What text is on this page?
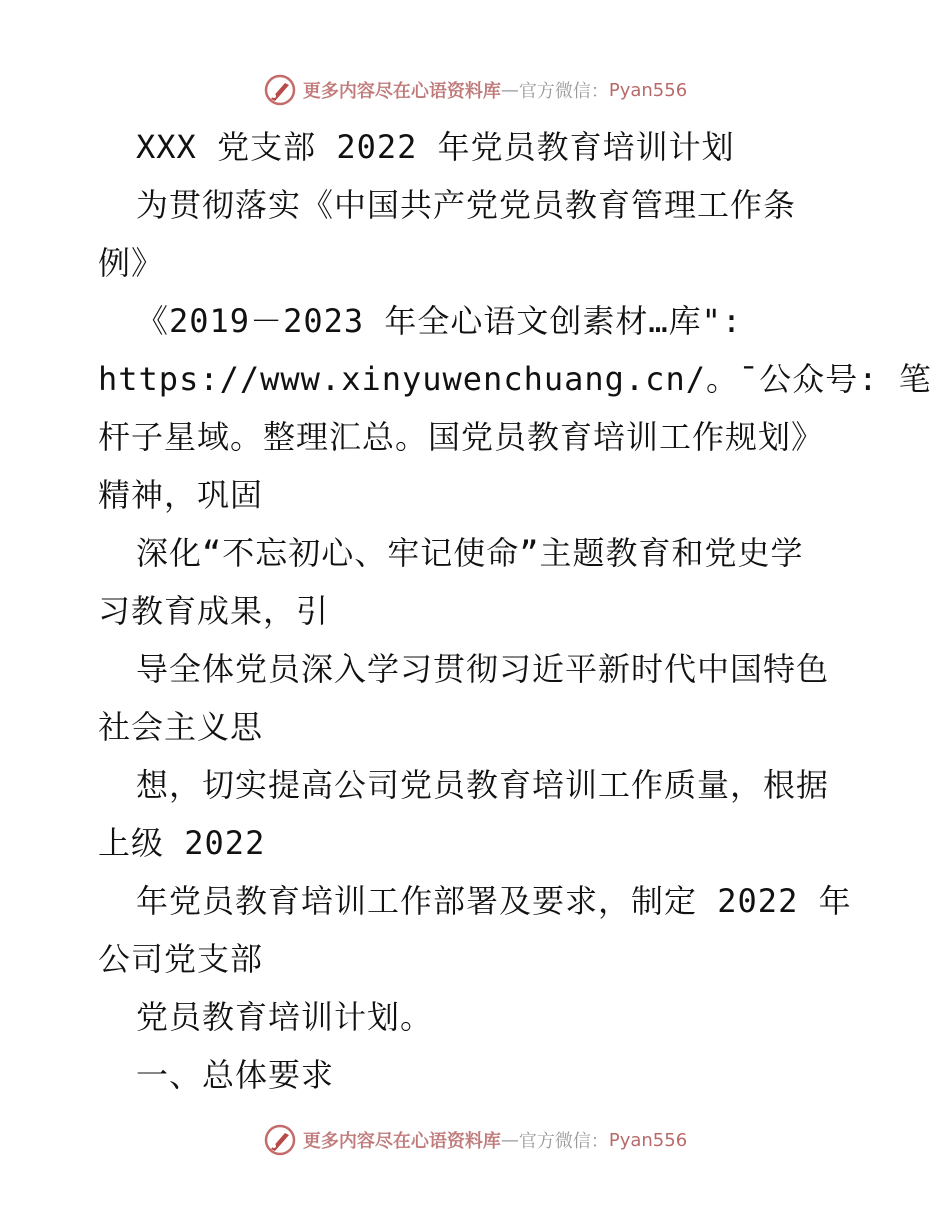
更多内容尽在心语资料库 — 官方微信： Pyan556
XXX 党支部 2022 年党员教育培训计划
为贯彻落实《中国共产党党员教育管理工作条
例》
《2019－2023 年全心语文创素材…库":
https://www.xinyuwenchuang.cn/。¯公众号: 笔
杆子星域。整理汇总。国党员教育培训工作规划》
精神，巩固
深化“不忘初心、牢记使命”主题教育和党史学
习教育成果，引
导全体党员深入学习贯彻习近平新时代中国特色
社会主义思
想，切实提高公司党员教育培训工作质量，根据
上级 2022
年党员教育培训工作部署及要求，制定 2022 年
公司党支部
党员教育培训计划。
一、总体要求
更多内容尽在心语资料库 — 官方微信： Pyan556
